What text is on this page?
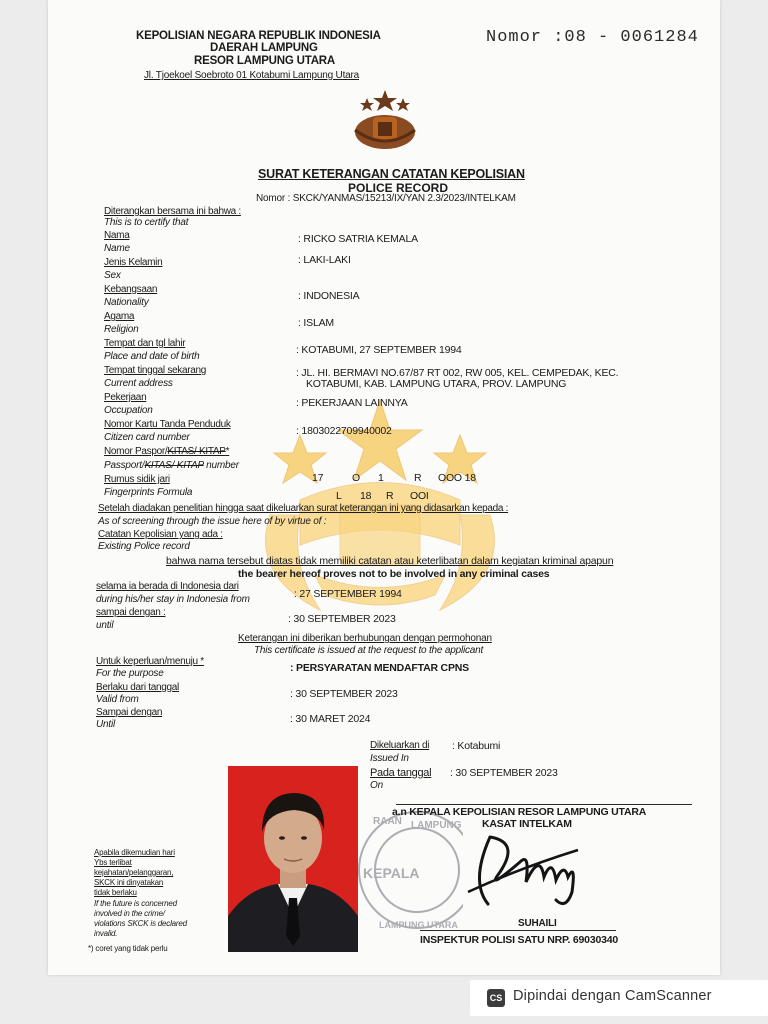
KEPOLISIAN NEGARA REPUBLIK INDONESIA
DAERAH LAMPUNG
RESOR LAMPUNG UTARA
Jl. Tjoekoel Soebroto 01 Kotabumi Lampung Utara
Nomor :08 - 0061284
SURAT KETERANGAN CATATAN KEPOLISIAN
POLICE RECORD
Nomor : SKCK/YANMAS/15213/IX/YAN 2.3/2023/INTELKAM
Diterangkan bersama ini bahwa :
This is to certify that
Nama
Name
: RICKO SATRIA KEMALA
Jenis Kelamin
Sex
: LAKI-LAKI
Kebangsaan
Nationality
: INDONESIA
Agama
Religion
: ISLAM
Tempat dan tgl lahir
Place and date of birth
: KOTABUMI, 27 SEPTEMBER 1994
Tempat tinggal sekarang
Current address
: JL. HI. BERMAVI NO.67/87 RT 002, RW 005, KEL. CEMPEDAK, KEC.
KOTABUMI, KAB. LAMPUNG UTARA, PROV. LAMPUNG
Pekerjaan
Occupation
: PEKERJAAN LAINNYA
Nomor Kartu Tanda Penduduk
Citizen card number
: 1803022709940002
Nomor Paspor/KITAS/ KITAP*
Passport/KITAS/ KITAP number
Rumus sidik jari
Fingerprints Formula
17	O 1	R OOO 18
L 18 R OOI
Setelah diadakan penelitian hingga saat dikeluarkan surat keterangan ini yang didasarkan kepada :
As of screening through the issue here of by virtue of :
Catatan Kepolisian yang ada :
Existing Police record
bahwa nama tersebut diatas tidak memiliki catatan atau keterlibatan dalam kegiatan kriminal apapun
the bearer hereof proves not to be involved in any criminal cases
selama ia berada di Indonesia dari
during his/her stay in Indonesia from	: 27 SEPTEMBER 1994
sampai dengan :
until
: 30 SEPTEMBER 2023
Keterangan ini diberikan berhubungan dengan permohonan
This certificate is issued at the request to the applicant
Untuk keperluan/menuju *
For the purpose	: PERSYARATAN MENDAFTAR CPNS
Berlaku dari tanggal
Valid from	: 30 SEPTEMBER 2023
Sampai dengan
Until	: 30 MARET 2024
Dikeluarkan di
Issued In
: Kotabumi
Pada tanggal
On
: 30 SEPTEMBER 2023
RAAN LAMPUNG
KEPALA
LAMPUNG UTARA
a.n KEPALA KEPOLISIAN RESOR LAMPUNG UTARA
KASAT INTELKAM
SUHAILI
INSPEKTUR POLISI SATU NRP. 69030340
Apabila dikemudian hari
Ybs terlibat
kejahatan/pelanggaran,
SKCK ini dinyatakan
tidak berlaku
If the future is concerned
involved in the crime/
violations SKCK is declared
invalid.
*) coret yang tidak perlu
CS Dipindai dengan CamScanner
